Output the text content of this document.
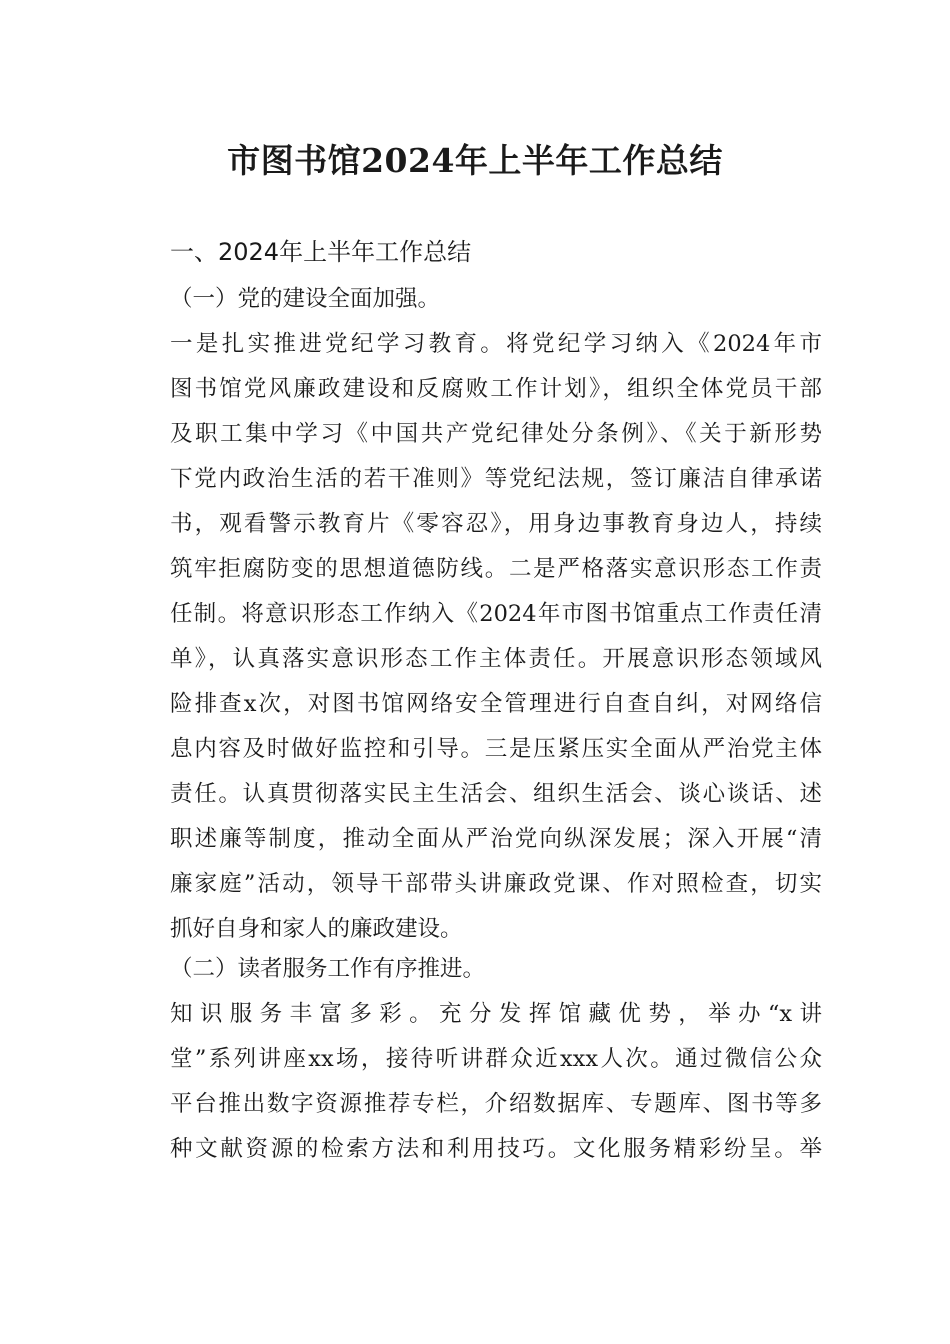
市图书馆2024年上半年工作总结
一、2024年上半年工作总结
（一）党的建设全面加强。
一是扎实推进党纪学习教育。将党纪学习纳入《2024年市
图书馆党风廉政建设和反腐败工作计划》，组织全体党员干部
及职工集中学习《中国共产党纪律处分条例》、《关于新形势
下党内政治生活的若干准则》等党纪法规，签订廉洁自律承诺
书，观看警示教育片《零容忍》，用身边事教育身边人，持续
筑牢拒腐防变的思想道德防线。二是严格落实意识形态工作责
任制。将意识形态工作纳入《2024年市图书馆重点工作责任清
单》，认真落实意识形态工作主体责任。开展意识形态领域风
险排查x次，对图书馆网络安全管理进行自查自纠，对网络信
息内容及时做好监控和引导。三是压紧压实全面从严治党主体
责任。认真贯彻落实民主生活会、组织生活会、谈心谈话、述
职述廉等制度，推动全面从严治党向纵深发展；深入开展“清
廉家庭”活动，领导干部带头讲廉政党课、作对照检查，切实
抓好自身和家人的廉政建设。
（二）读者服务工作有序推进。
知识服务丰富多彩。充分发挥馆藏优势，举办“x讲
堂”系列讲座xx场，接待听讲群众近xxx人次。通过微信公众
平台推出数字资源推荐专栏，介绍数据库、专题库、图书等多
种文献资源的检索方法和利用技巧。文化服务精彩纷呈。举
